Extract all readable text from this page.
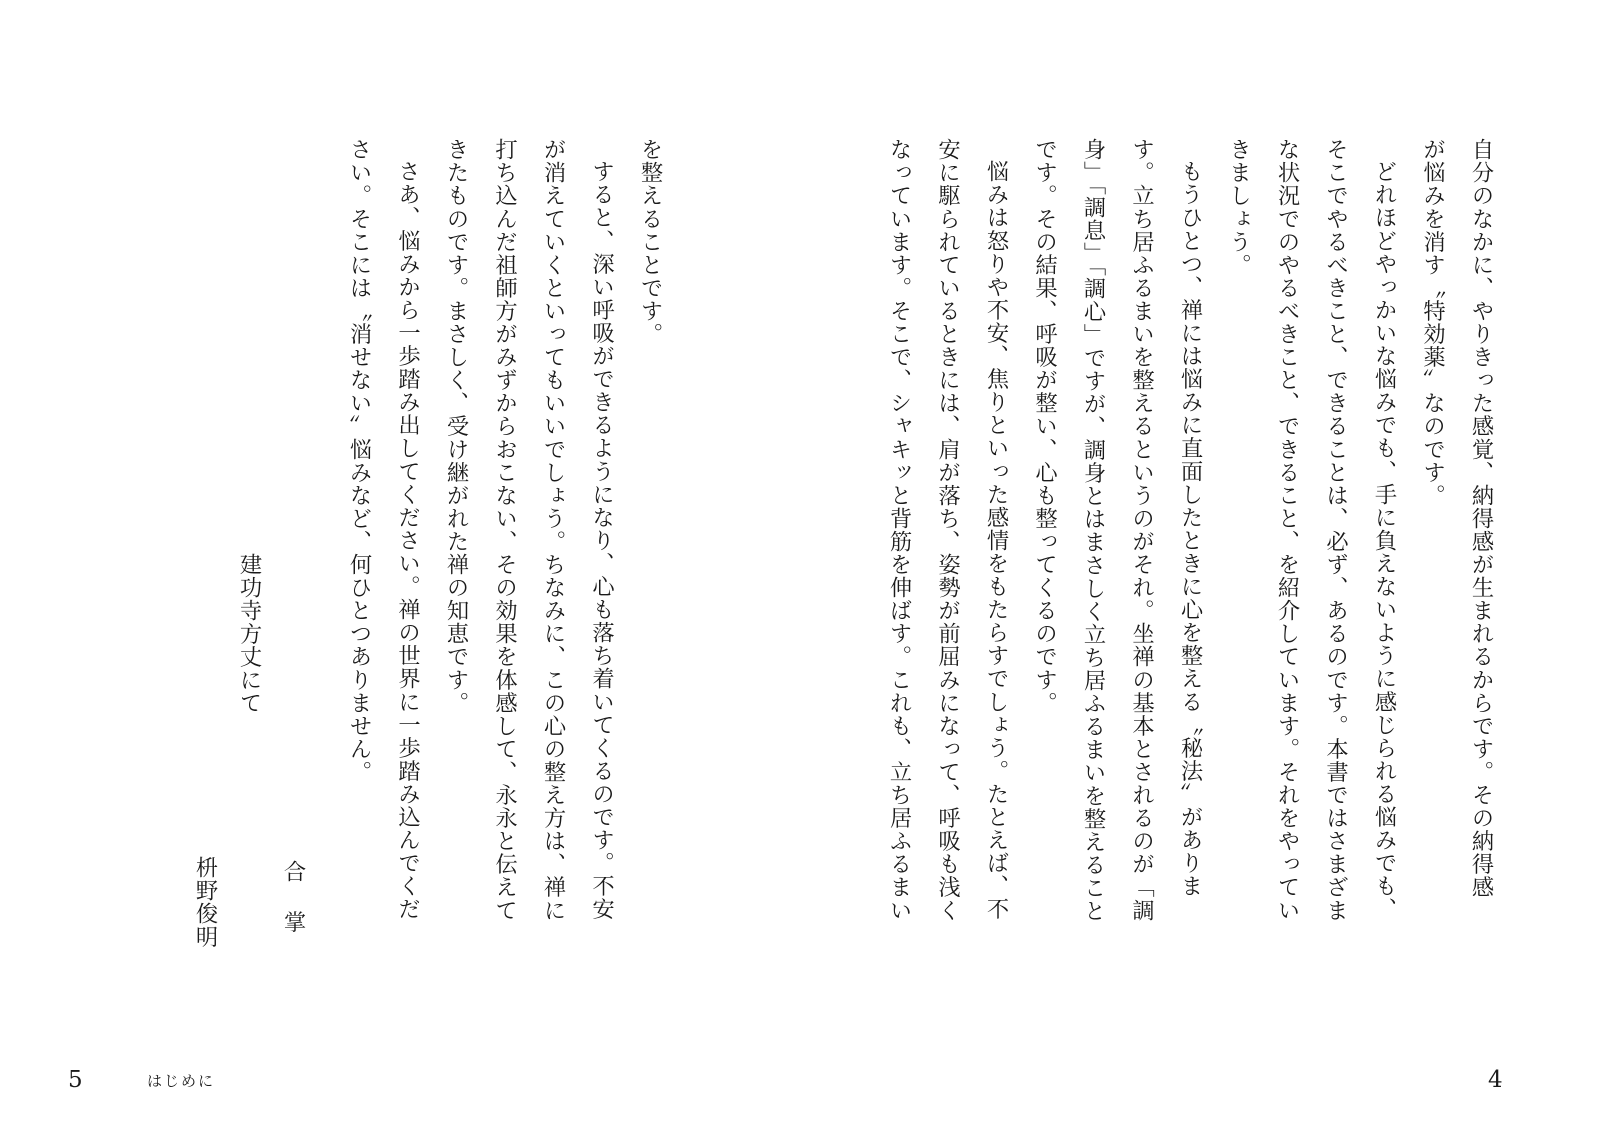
自分のなかに、やりきった感覚、納得感が生まれるからです。その納得感
が悩みを消す〝特効薬〟なのです。
どれほどやっかいな悩みでも、手に負えないように感じられる悩みでも、
そこでやるべきこと、できることは、必ず、あるのです。本書ではさまざま
な状況でのやるべきこと、できること、を紹介しています。それをやってい
きましょう。
もうひとつ、禅には悩みに直面したときに心を整える〝秘法〟がありま
す。立ち居ふるまいを整えるというのがそれ。坐禅の基本とされるのが「調
身」「調息」「調心」ですが、調身とはまさしく立ち居ふるまいを整えること
です。その結果、呼吸が整い、心も整ってくるのです。
悩みは怒りや不安、焦りといった感情をもたらすでしょう。たとえば、不
安に駆られているときには、肩が落ち、姿勢が前屈みになって、呼吸も浅く
なっています。そこで、シャキッと背筋を伸ばす。これも、立ち居ふるまい
を整えることです。
すると、深い呼吸ができるようになり、心も落ち着いてくるのです。不安
が消えていくといってもいいでしょう。ちなみに、この心の整え方は、禅に
打ち込んだ祖師方がみずからおこない、その効果を体感して、永永と伝えて
きたものです。まさしく、受け継がれた禅の知恵です。
さあ、悩みから一歩踏み出してください。禅の世界に一歩踏み込んでくだ
さい。そこには〝消せない〟悩みなど、何ひとつありません。
建功寺方丈にて
合掌
枡野俊明
5	はじめに	4
